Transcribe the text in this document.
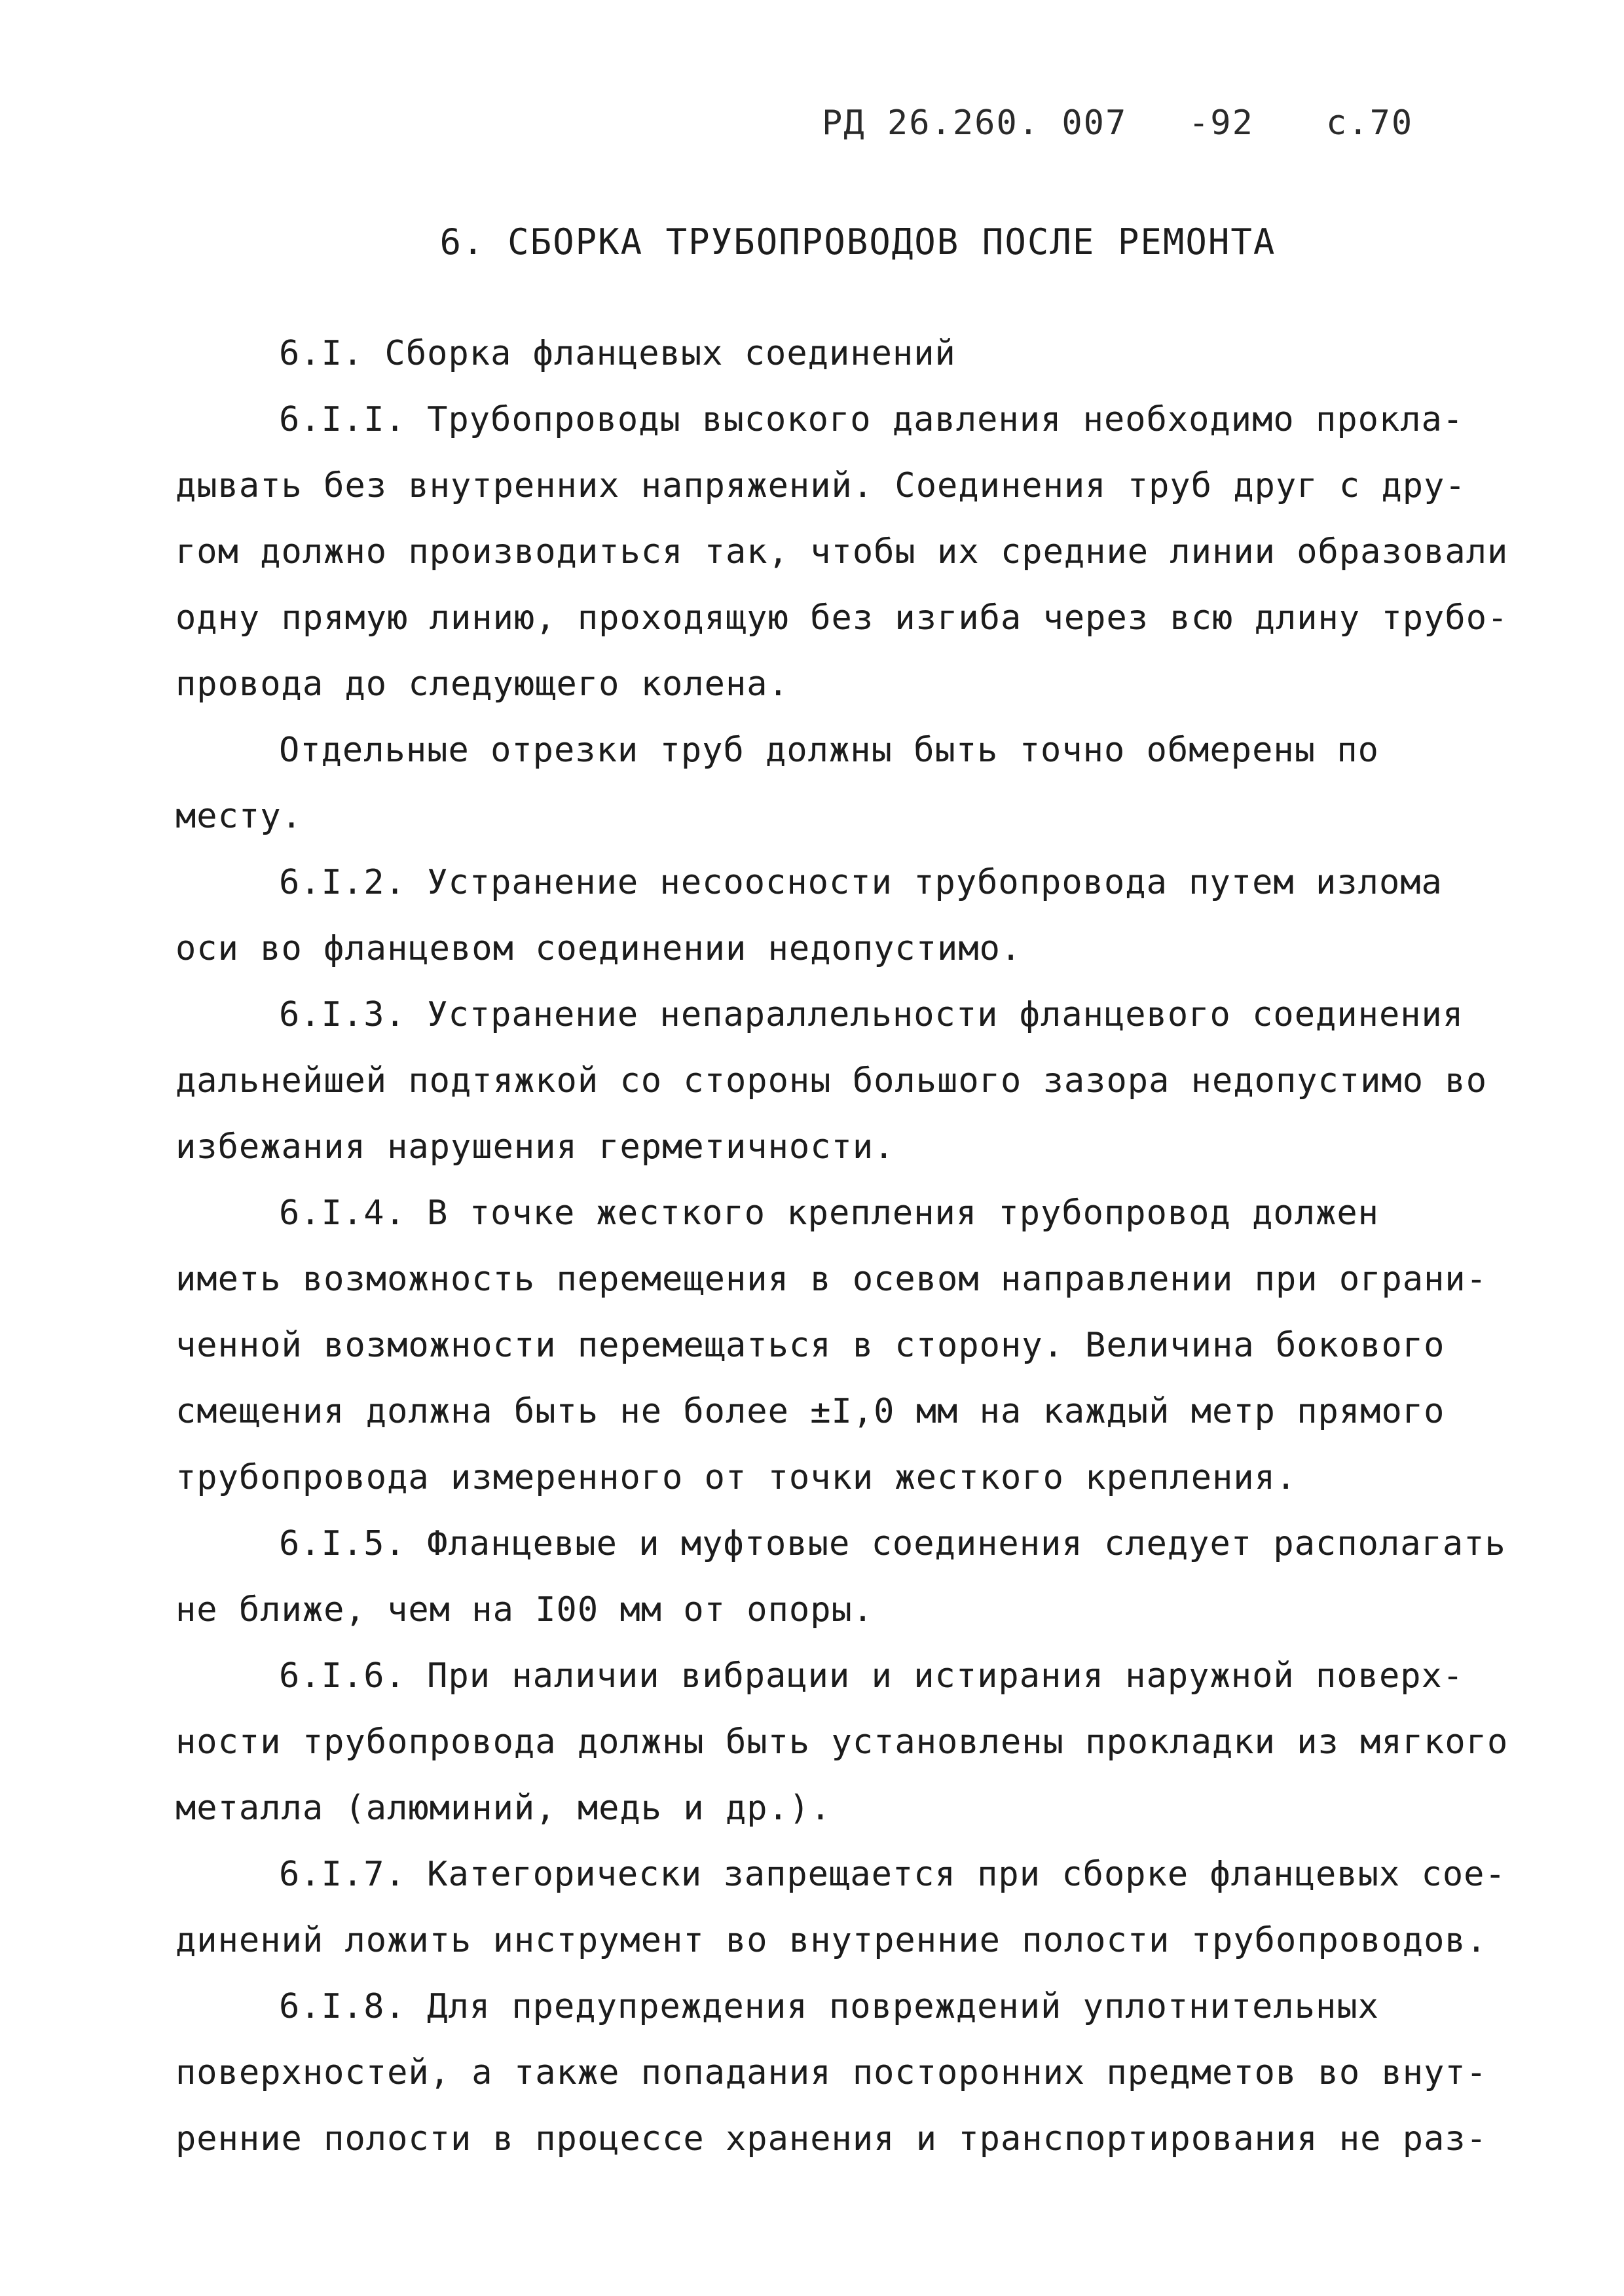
РД 26.260. 007 -92 с.70
6. СБОРКА ТРУБОПРОВОДОВ ПОСЛЕ РЕМОНТА
6.I. Сборка фланцевых соединений
6.I.I. Трубопроводы высокого давления необходимо прокла-
дывать без внутренних напряжений. Соединения труб друг с дру-
гом должно производиться так, чтобы их средние линии образовали
одну прямую линию, проходящую без изгиба через всю длину трубо-
провода до следующего колена.
Отдельные отрезки труб должны быть точно обмерены по
месту.
6.I.2. Устранение несоосности трубопровода путем излома
оси во фланцевом соединении недопустимо.
6.I.3. Устранение непараллельности фланцевого соединения
дальнейшей подтяжкой со стороны большого зазора недопустимо во
избежания нарушения герметичности.
6.I.4. В точке жесткого крепления трубопровод должен
иметь возможность перемещения в осевом направлении при ограни-
ченной возможности перемещаться в сторону. Величина бокового
смещения должна быть не более ±I,0 мм на каждый метр прямого
трубопровода измеренного от точки жесткого крепления.
6.I.5. Фланцевые и муфтовые соединения следует располагать
не ближе, чем на I00 мм от опоры.
6.I.6. При наличии вибрации и истирания наружной поверх-
ности трубопровода должны быть установлены прокладки из мягкого
металла (алюминий, медь и др.).
6.I.7. Категорически запрещается при сборке фланцевых сое-
динений ложить инструмент во внутренние полости трубопроводов.
6.I.8. Для предупреждения повреждений уплотнительных
поверхностей, а также попадания посторонних предметов во внут-
ренние полости в процессе хранения и транспортирования не раз-
